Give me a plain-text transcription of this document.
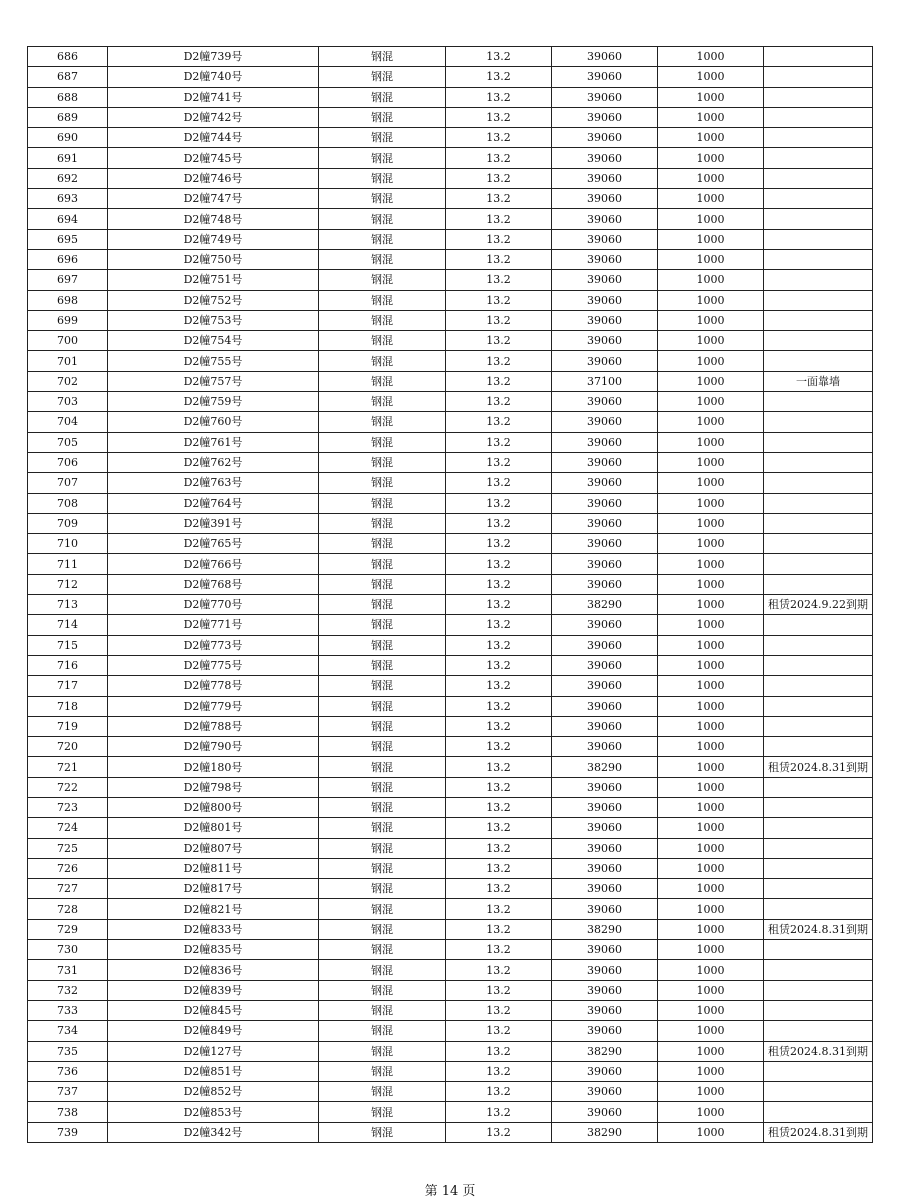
686	D2幢739号	钢混	13.2	39060	1000	
687	D2幢740号	钢混	13.2	39060	1000	
688	D2幢741号	钢混	13.2	39060	1000	
689	D2幢742号	钢混	13.2	39060	1000	
690	D2幢744号	钢混	13.2	39060	1000	
691	D2幢745号	钢混	13.2	39060	1000	
692	D2幢746号	钢混	13.2	39060	1000	
693	D2幢747号	钢混	13.2	39060	1000	
694	D2幢748号	钢混	13.2	39060	1000	
695	D2幢749号	钢混	13.2	39060	1000	
696	D2幢750号	钢混	13.2	39060	1000	
697	D2幢751号	钢混	13.2	39060	1000	
698	D2幢752号	钢混	13.2	39060	1000	
699	D2幢753号	钢混	13.2	39060	1000	
700	D2幢754号	钢混	13.2	39060	1000	
701	D2幢755号	钢混	13.2	39060	1000	
702	D2幢757号	钢混	13.2	37100	1000	一面靠墙
703	D2幢759号	钢混	13.2	39060	1000	
704	D2幢760号	钢混	13.2	39060	1000	
705	D2幢761号	钢混	13.2	39060	1000	
706	D2幢762号	钢混	13.2	39060	1000	
707	D2幢763号	钢混	13.2	39060	1000	
708	D2幢764号	钢混	13.2	39060	1000	
709	D2幢391号	钢混	13.2	39060	1000	
710	D2幢765号	钢混	13.2	39060	1000	
711	D2幢766号	钢混	13.2	39060	1000	
712	D2幢768号	钢混	13.2	39060	1000	
713	D2幢770号	钢混	13.2	38290	1000	租赁2024.9.22到期
714	D2幢771号	钢混	13.2	39060	1000	
715	D2幢773号	钢混	13.2	39060	1000	
716	D2幢775号	钢混	13.2	39060	1000	
717	D2幢778号	钢混	13.2	39060	1000	
718	D2幢779号	钢混	13.2	39060	1000	
719	D2幢788号	钢混	13.2	39060	1000	
720	D2幢790号	钢混	13.2	39060	1000	
721	D2幢180号	钢混	13.2	38290	1000	租赁2024.8.31到期
722	D2幢798号	钢混	13.2	39060	1000	
723	D2幢800号	钢混	13.2	39060	1000	
724	D2幢801号	钢混	13.2	39060	1000	
725	D2幢807号	钢混	13.2	39060	1000	
726	D2幢811号	钢混	13.2	39060	1000	
727	D2幢817号	钢混	13.2	39060	1000	
728	D2幢821号	钢混	13.2	39060	1000	
729	D2幢833号	钢混	13.2	38290	1000	租赁2024.8.31到期
730	D2幢835号	钢混	13.2	39060	1000	
731	D2幢836号	钢混	13.2	39060	1000	
732	D2幢839号	钢混	13.2	39060	1000	
733	D2幢845号	钢混	13.2	39060	1000	
734	D2幢849号	钢混	13.2	39060	1000	
735	D2幢127号	钢混	13.2	38290	1000	租赁2024.8.31到期
736	D2幢851号	钢混	13.2	39060	1000	
737	D2幢852号	钢混	13.2	39060	1000	
738	D2幢853号	钢混	13.2	39060	1000	
739	D2幢342号	钢混	13.2	38290	1000	租赁2024.8.31到期
第 14 页
